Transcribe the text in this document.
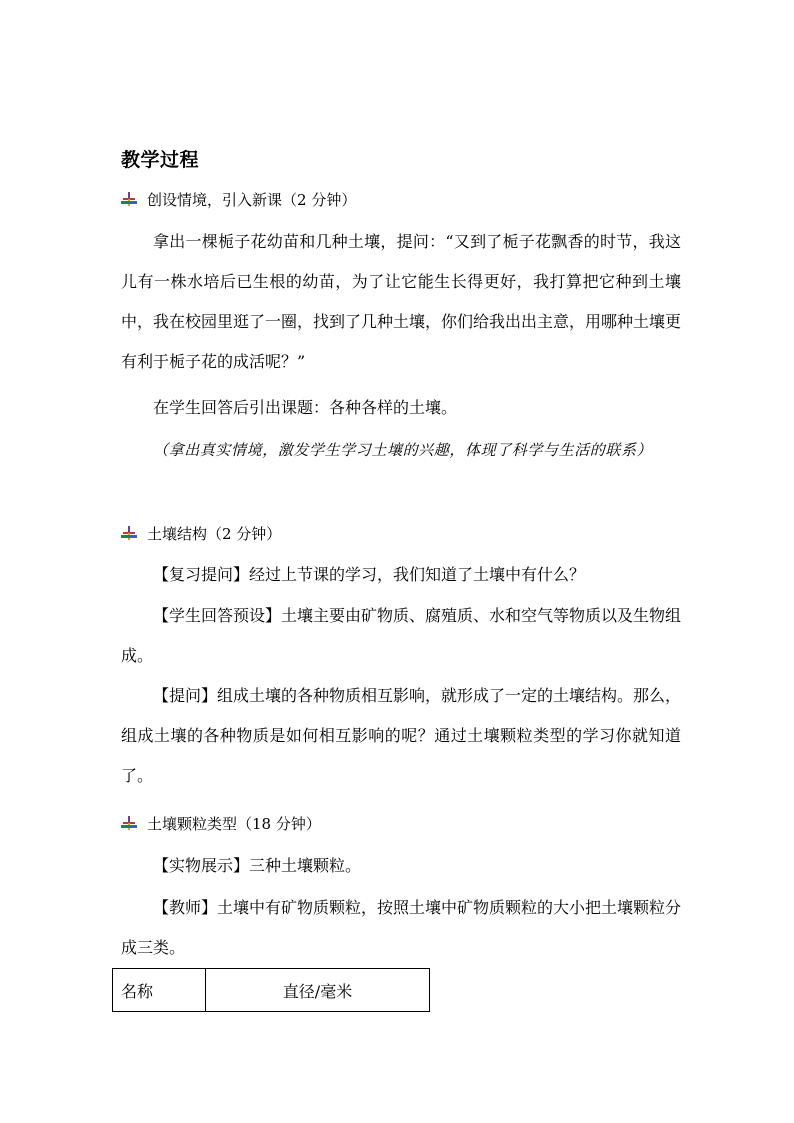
教学过程
创设情境，引入新课（2 分钟）
拿出一棵栀子花幼苗和几种土壤，提问：“又到了栀子花飘香的时节，我这儿有一株水培后已生根的幼苗，为了让它能生长得更好，我打算把它种到土壤中，我在校园里逛了一圈，找到了几种土壤，你们给我出出主意，用哪种土壤更有利于栀子花的成活呢？”
在学生回答后引出课题：各种各样的土壤。
（拿出真实情境，激发学生学习土壤的兴趣，体现了科学与生活的联系）
土壤结构（2 分钟）
【复习提问】经过上节课的学习，我们知道了土壤中有什么？
【学生回答预设】土壤主要由矿物质、腐殖质、水和空气等物质以及生物组成。
【提问】组成土壤的各种物质相互影响，就形成了一定的土壤结构。那么，组成土壤的各种物质是如何相互影响的呢？通过土壤颗粒类型的学习你就知道了。
土壤颗粒类型（18 分钟）
【实物展示】三种土壤颗粒。
【教师】土壤中有矿物质颗粒，按照土壤中矿物质颗粒的大小把土壤颗粒分成三类。
名称	直径/毫米
